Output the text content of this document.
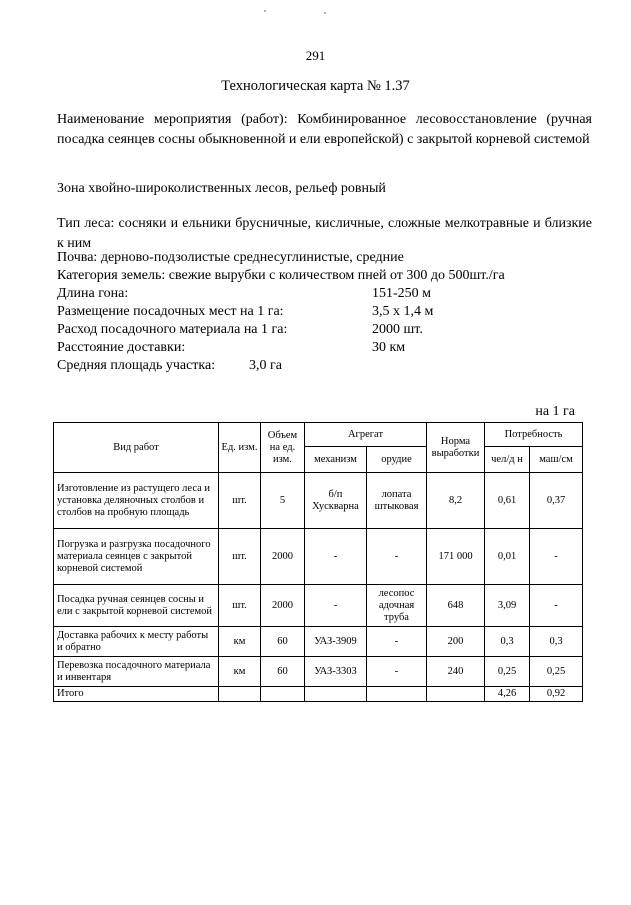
291
Технологическая карта № 1.37
Наименование мероприятия (работ): Комбинированное лесовосстановление (ручная посадка сеянцев сосны обыкновенной и ели европейской) с закрытой корневой системой
Зона хвойно-широколиственных лесов, рельеф ровный
Тип леса: сосняки и ельники брусничные, кисличные, сложные мелкотравные и близкие к ним
Почва: дерново-подзолистые среднесуглинистые, средние
Категория земель: свежие вырубки с количеством пней от 300 до 500шт./га
Длина гона:	151-250 м
Размещение посадочных мест на 1 га:	3,5 х 1,4 м
Расход посадочного материала на 1 га:	2000 шт.
Расстояние доставки:	30 км
Средняя площадь участка: 3,0 га
на 1 га
Вид работ	Ед. изм.	Объем на ед. изм.	Агрегат		Норма выработки	Потребность	
			механизм	орудие		чел/д н	маш/см
Изготовление из растущего леса и установка деляночных столбов и столбов на пробную площадь	шт.	5	б/п Хускварна	лопата штыковая	8,2	0,61	0,37
Погрузка и разгрузка посадочного материала сеянцев с закрытой корневой системой	шт.	2000	-	-	171 000	0,01	-
Посадка ручная сеянцев сосны и ели с закрытой корневой системой	шт.	2000	-	лесопос адочная труба	648	3,09	-
Доставка рабочих к месту работы и обратно	км	60	УАЗ-3909	-	200	0,3	0,3
Перевозка посадочного материала и инвентаря	км	60	УАЗ-3303	-	240	0,25	0,25
Итого						4,26	0,92
